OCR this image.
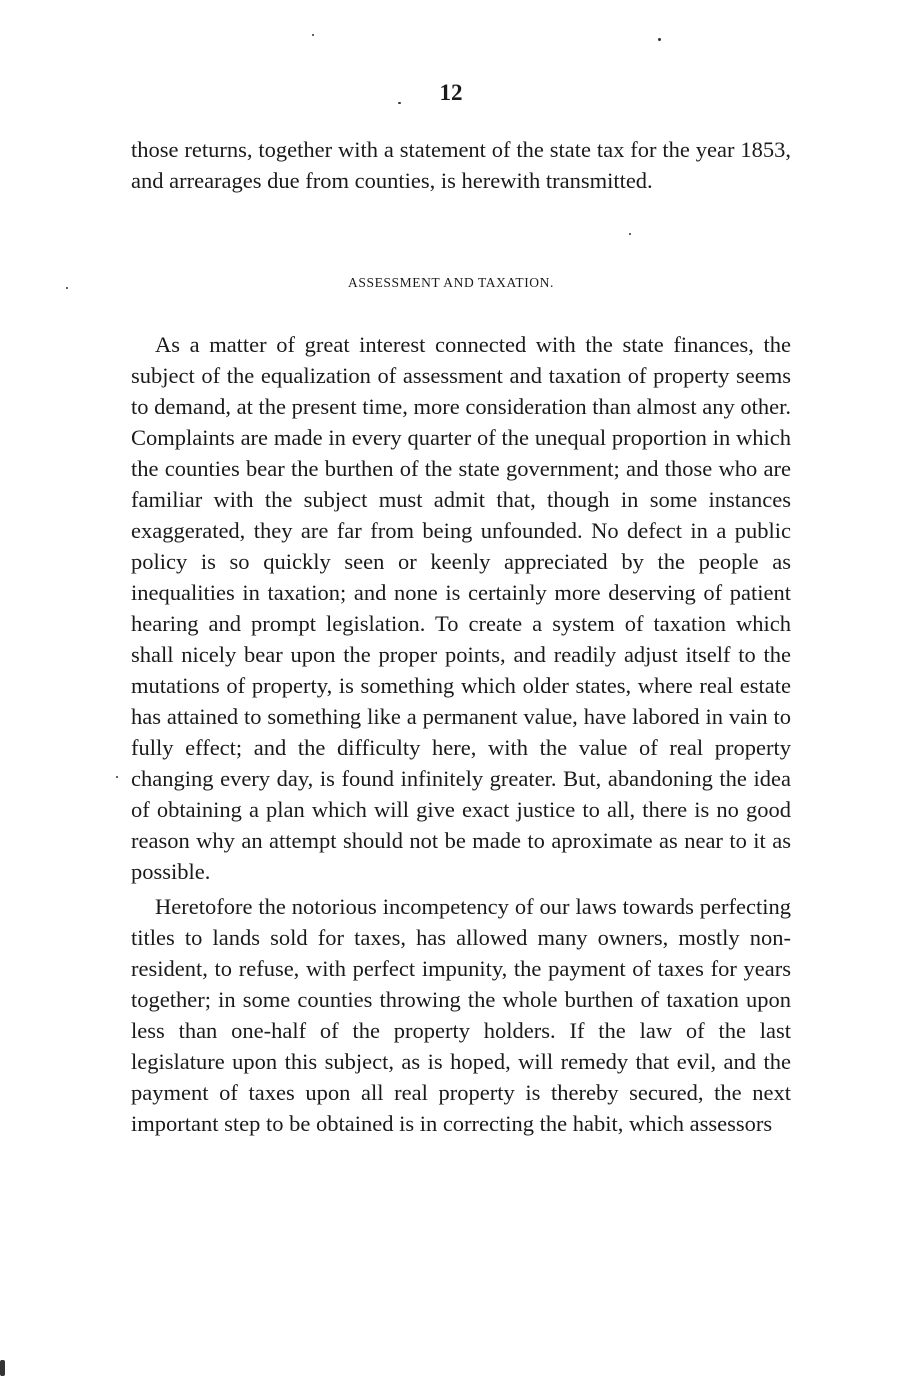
12

those returns, together with a statement of the state tax for the year 1853, and arrearages due from counties, is herewith transmitted.

ASSESSMENT AND TAXATION.

As a matter of great interest connected with the state finances, the subject of the equalization of assessment and taxation of property seems to demand, at the present time, more consideration than almost any other. Complaints are made in every quarter of the unequal proportion in which the counties bear the burthen of the state government; and those who are familiar with the subject must admit that, though in some instances exaggerated, they are far from being unfounded. No defect in a public policy is so quickly seen or keenly appreciated by the people as inequalities in taxation; and none is certainly more deserving of patient hearing and prompt legislation. To create a system of taxation which shall nicely bear upon the proper points, and readily adjust itself to the mutations of property, is something which older states, where real estate has attained to something like a permanent value, have labored in vain to fully effect; and the difficulty here, with the value of real property changing every day, is found infinitely greater. But, abandoning the idea of obtaining a plan which will give exact justice to all, there is no good reason why an attempt should not be made to aproximate as near to it as possible.

Heretofore the notorious incompetency of our laws towards perfecting titles to lands sold for taxes, has allowed many owners, mostly non-resident, to refuse, with perfect impunity, the payment of taxes for years together; in some counties throwing the whole burthen of taxation upon less than one-half of the property holders. If the law of the last legislature upon this subject, as is hoped, will remedy that evil, and the payment of taxes upon all real property is thereby secured, the next important step to be obtained is in correcting the habit, which assessors
